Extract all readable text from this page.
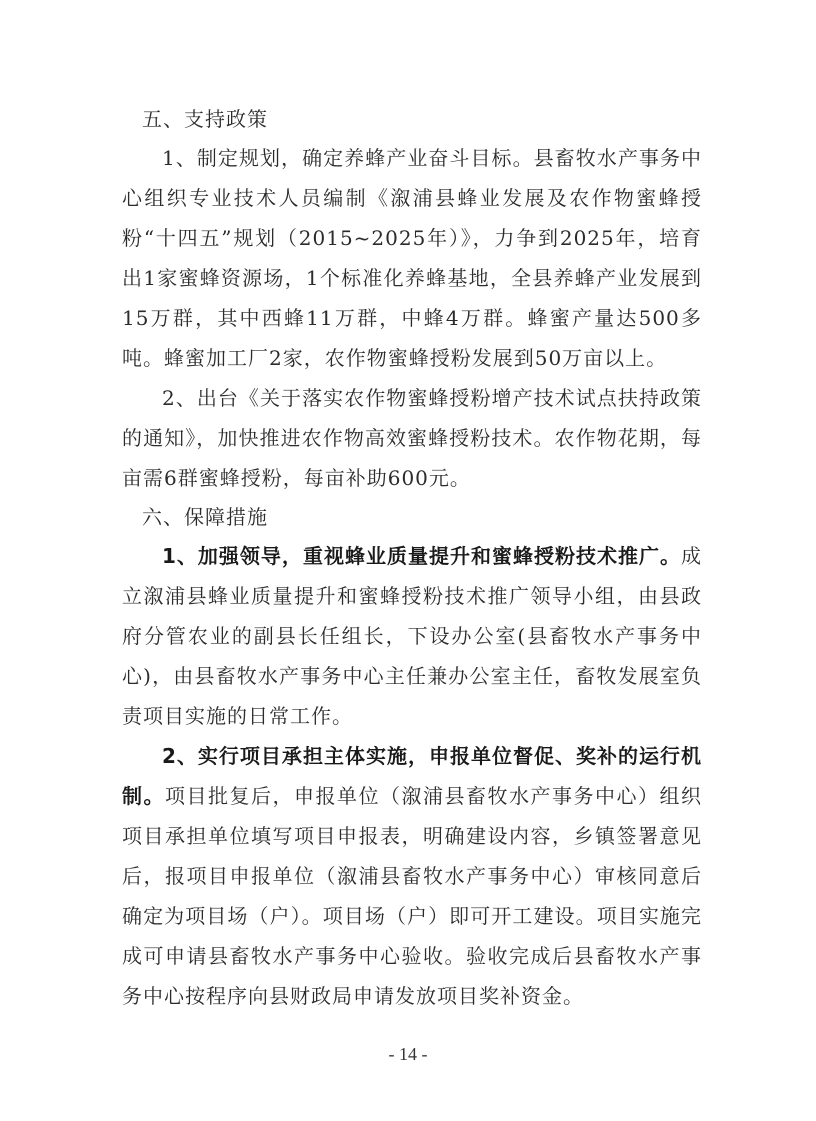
五、支持政策

1、制定规划，确定养蜂产业奋斗目标。县畜牧水产事务中心组织专业技术人员编制《溆浦县蜂业发展及农作物蜜蜂授粉“十四五”规划（2015~2025年）》，力争到2025年，培育出1家蜜蜂资源场，1个标准化养蜂基地，全县养蜂产业发展到15万群，其中西蜂11万群，中蜂4万群。蜂蜜产量达500多吨。蜂蜜加工厂2家，农作物蜜蜂授粉发展到50万亩以上。

2、出台《关于落实农作物蜜蜂授粉增产技术试点扶持政策的通知》，加快推进农作物高效蜜蜂授粉技术。农作物花期，每亩需6群蜜蜂授粉，每亩补助600元。

六、保障措施

1、加强领导，重视蜂业质量提升和蜜蜂授粉技术推广。成立溆浦县蜂业质量提升和蜜蜂授粉技术推广领导小组，由县政府分管农业的副县长任组长，下设办公室(县畜牧水产事务中心)，由县畜牧水产事务中心主任兼办公室主任，畜牧发展室负责项目实施的日常工作。

2、实行项目承担主体实施，申报单位督促、奖补的运行机制。项目批复后，申报单位（溆浦县畜牧水产事务中心）组织项目承担单位填写项目申报表，明确建设内容，乡镇签署意见后，报项目申报单位（溆浦县畜牧水产事务中心）审核同意后确定为项目场（户）。项目场（户）即可开工建设。项目实施完成可申请县畜牧水产事务中心验收。验收完成后县畜牧水产事务中心按程序向县财政局申请发放项目奖补资金。

- 14 -
